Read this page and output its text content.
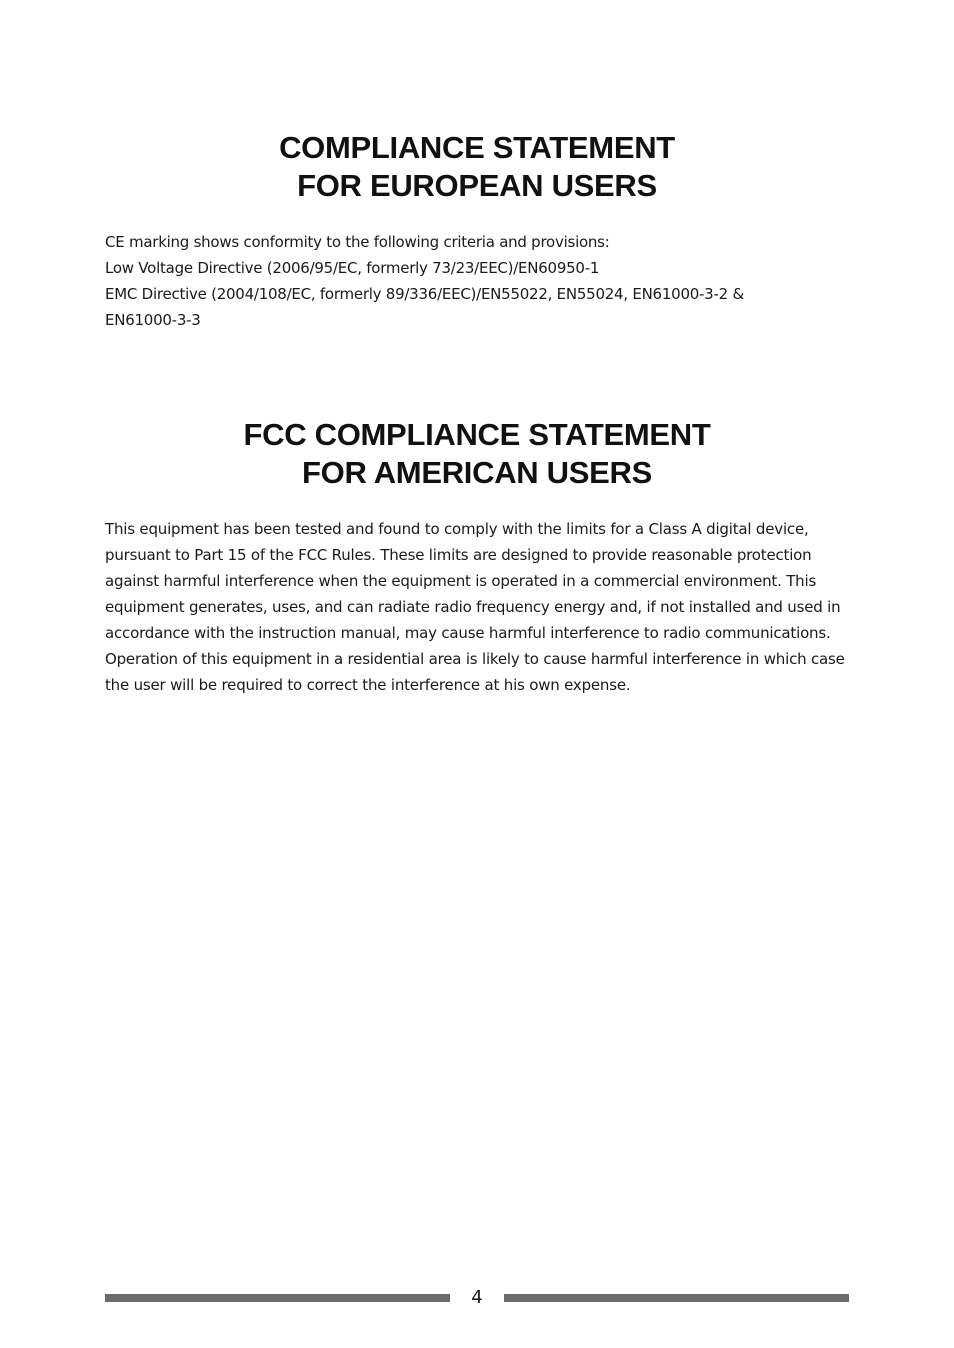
COMPLIANCE STATEMENT
FOR EUROPEAN USERS

CE marking shows conformity to the following criteria and provisions:
Low Voltage Directive (2006/95/EC, formerly 73/23/EEC)/EN60950-1
EMC Directive (2004/108/EC, formerly 89/336/EEC)/EN55022, EN55024, EN61000-3-2 &
EN61000-3-3

FCC COMPLIANCE STATEMENT
FOR AMERICAN USERS

This equipment has been tested and found to comply with the limits for a Class A digital device,
pursuant to Part 15 of the FCC Rules. These limits are designed to provide reasonable protection
against harmful interference when the equipment is operated in a commercial environment. This
equipment generates, uses, and can radiate radio frequency energy and, if not installed and used in
accordance with the instruction manual, may cause harmful interference to radio communications.
Operation of this equipment in a residential area is likely to cause harmful interference in which case
the user will be required to correct the interference at his own expense.

4
